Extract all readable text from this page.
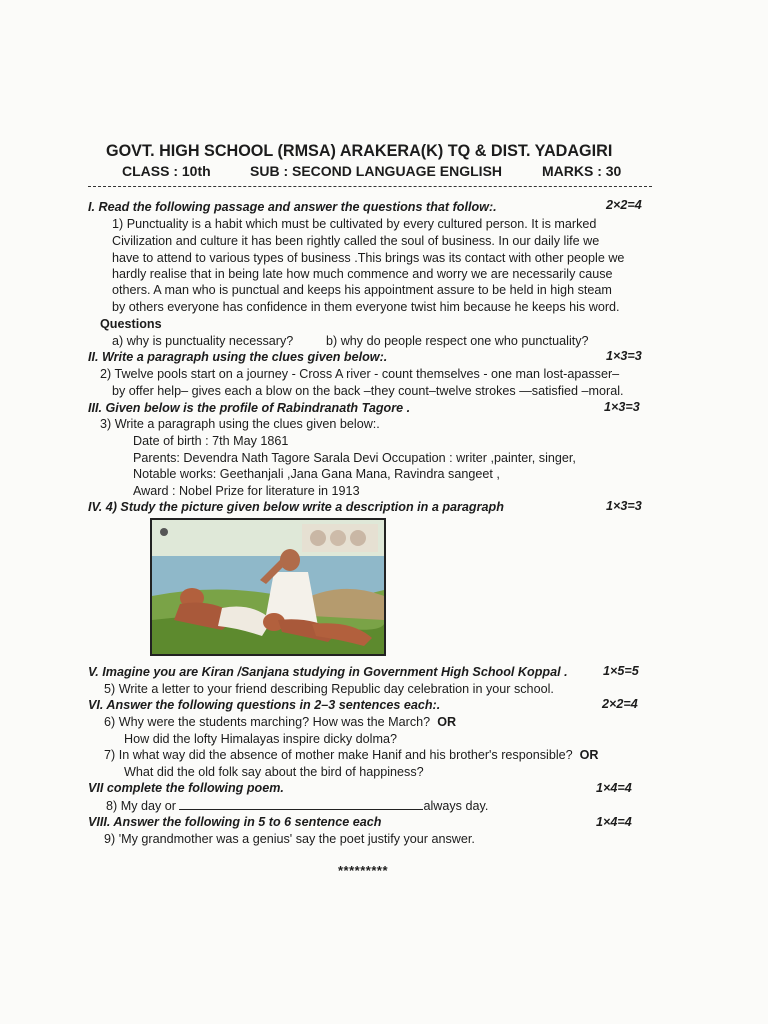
GOVT. HIGH SCHOOL (RMSA) ARAKERA(K) TQ & DIST. YADAGIRI
CLASS : 10th	SUB : SECOND LANGUAGE ENGLISH	MARKS : 30
I. Read the following passage and answer the questions that follow:.	2×2=4
1) Punctuality is a habit which must be cultivated by every cultured person. It is marked
Civilization and culture it has been rightly called the soul of business. In our daily life we
have to attend to various types of business .This brings was its contact with other people we
hardly realise that in being late how much commence and worry we are necessarily cause
others. A man who is punctual and keeps his appointment assure to be held in high steam
by others everyone has confidence in them everyone twist him because he keeps his word.
Questions
a) why is punctuality necessary?	b) why do people respect one who punctuality?
II. Write a paragraph using the clues given below:.	1×3=3
2) Twelve pools start on a journey - Cross A river - count themselves - one man lost-apasser–
by offer help– gives each a blow on the back –they count–twelve strokes —satisfied –moral.
III. Given below is the profile of Rabindranath Tagore .	1×3=3
3) Write a paragraph using the clues given below:.
Date of birth : 7th May 1861
Parents: Devendra Nath Tagore Sarala Devi Occupation : writer ,painter, singer,
Notable works: Geethanjali ,Jana Gana Mana, Ravindra sangeet ,
Award : Nobel Prize for literature in 1913
IV. 4) Study the picture given below write a description in a paragraph	1×3=3
V. Imagine you are Kiran /Sanjana studying in Government High School Koppal .	1×5=5
5) Write a letter to your friend describing Republic day celebration in your school.
VI. Answer the following questions in 2–3 sentences each:.	2×2=4
6) Why were the students marching? How was the March? OR
How did the lofty Himalayas inspire dicky dolma?
7) In what way did the absence of mother make Hanif and his brother's responsible? OR
What did the old folk say about the bird of happiness?
VII complete the following poem.	1×4=4
8) My day or	always day.
VIII. Answer the following in 5 to 6 sentence each	1×4=4
9) 'My grandmother was a genius' say the poet justify your answer.
*********
